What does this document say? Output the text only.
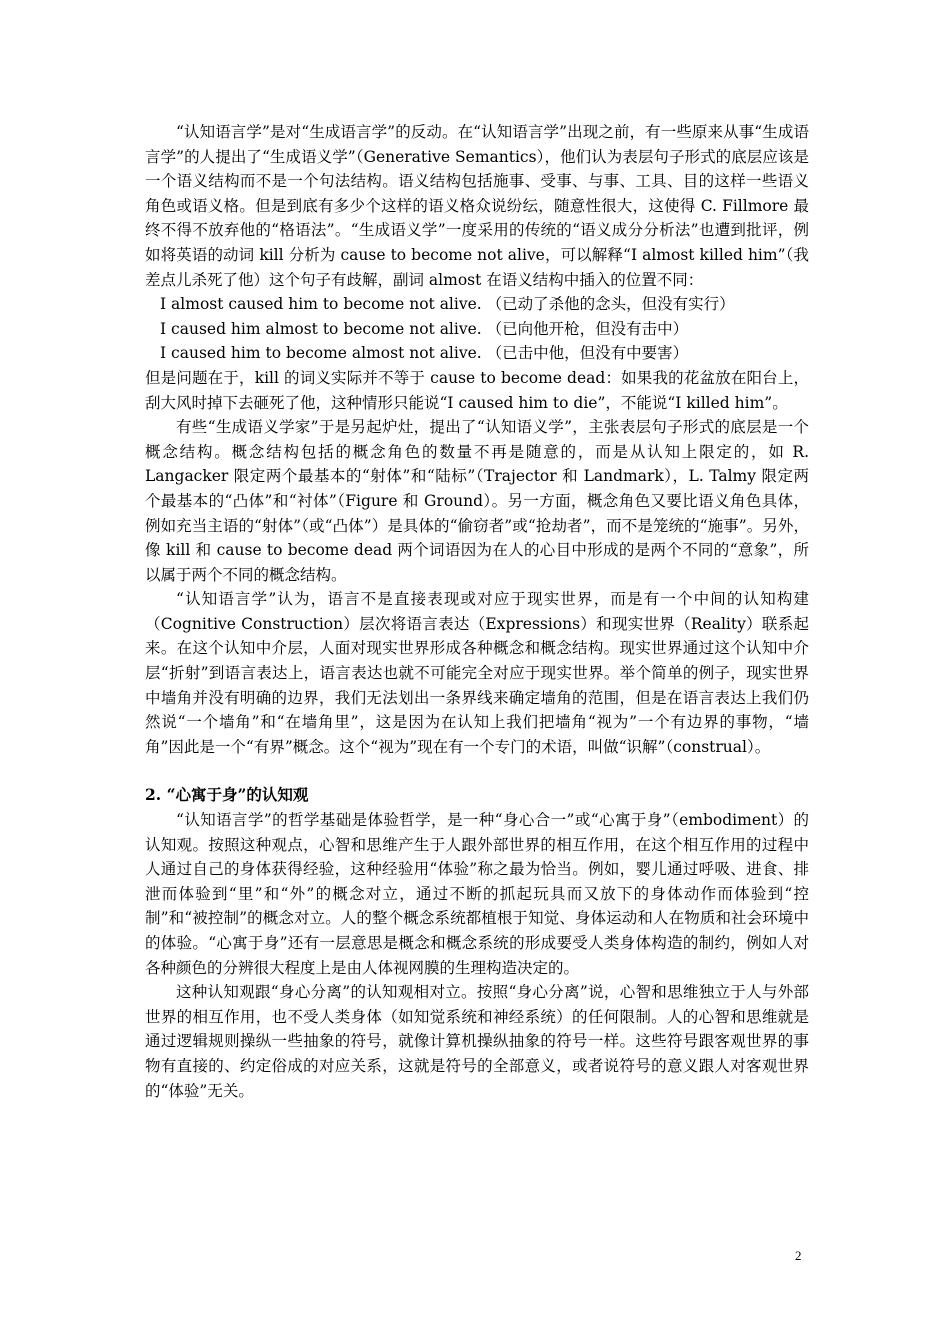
“认知语言学”是对“生成语言学”的反动。在“认知语言学”出现之前，有一些原来从事“生成语言学”的人提出了“生成语义学”（Generative Semantics），他们认为表层句子形式的底层应该是一个语义结构而不是一个句法结构。语义结构包括施事、受事、与事、工具、目的这样一些语义角色或语义格。但是到底有多少个这样的语义格众说纷纭，随意性很大，这使得 C. Fillmore 最终不得不放弃他的“格语法”。“生成语义学”一度采用的传统的“语义成分分析法”也遭到批评，例如将英语的动词 kill 分析为 cause to become not alive，可以解释“I almost killed him”（我差点儿杀死了他）这个句子有歧解，副词 almost 在语义结构中插入的位置不同：

I almost caused him to become not alive. （已动了杀他的念头，但没有实行）

I caused him almost to become not alive. （已向他开枪，但没有击中）

I caused him to become almost not alive. （已击中他，但没有中要害）

但是问题在于，kill 的词义实际并不等于 cause to become dead：如果我的花盆放在阳台上，刮大风时掉下去砸死了他，这种情形只能说“I caused him to die”，不能说“I killed him”。

有些“生成语义学家”于是另起炉灶，提出了“认知语义学”，主张表层句子形式的底层是一个概念结构。概念结构包括的概念角色的数量不再是随意的，而是从认知上限定的，如 R. Langacker 限定两个最基本的“射体”和“陆标”（Trajector 和 Landmark），L. Talmy 限定两个最基本的“凸体”和“衬体”（Figure 和 Ground）。另一方面，概念角色又要比语义角色具体，例如充当主语的“射体”（或“凸体”）是具体的“偷窃者”或“抢劫者”，而不是笼统的“施事”。另外，像 kill 和 cause to become dead 两个词语因为在人的心目中形成的是两个不同的“意象”，所以属于两个不同的概念结构。

“认知语言学”认为，语言不是直接表现或对应于现实世界，而是有一个中间的认知构建（Cognitive Construction）层次将语言表达（Expressions）和现实世界（Reality）联系起来。在这个认知中介层，人面对现实世界形成各种概念和概念结构。现实世界通过这个认知中介层“折射”到语言表达上，语言表达也就不可能完全对应于现实世界。举个简单的例子，现实世界中墙角并没有明确的边界，我们无法划出一条界线来确定墙角的范围，但是在语言表达上我们仍然说“一个墙角”和“在墙角里”，这是因为在认知上我们把墙角“视为”一个有边界的事物，“墙角”因此是一个“有界”概念。这个“视为”现在有一个专门的术语，叫做“识解”（construal）。

2. “心寓于身”的认知观

“认知语言学”的哲学基础是体验哲学，是一种“身心合一”或“心寓于身”（embodiment）的认知观。按照这种观点，心智和思维产生于人跟外部世界的相互作用，在这个相互作用的过程中人通过自己的身体获得经验，这种经验用“体验”称之最为恰当。例如，婴儿通过呼吸、进食、排泄而体验到“里”和“外”的概念对立，通过不断的抓起玩具而又放下的身体动作而体验到“控制”和“被控制”的概念对立。人的整个概念系统都植根于知觉、身体运动和人在物质和社会环境中的体验。“心寓于身”还有一层意思是概念和概念系统的形成要受人类身体构造的制约，例如人对各种颜色的分辨很大程度上是由人体视网膜的生理构造决定的。

这种认知观跟“身心分离”的认知观相对立。按照“身心分离”说，心智和思维独立于人与外部世界的相互作用，也不受人类身体（如知觉系统和神经系统）的任何限制。人的心智和思维就是通过逻辑规则操纵一些抽象的符号，就像计算机操纵抽象的符号一样。这些符号跟客观世界的事物有直接的、约定俗成的对应关系，这就是符号的全部意义，或者说符号的意义跟人对客观世界的“体验”无关。

2
